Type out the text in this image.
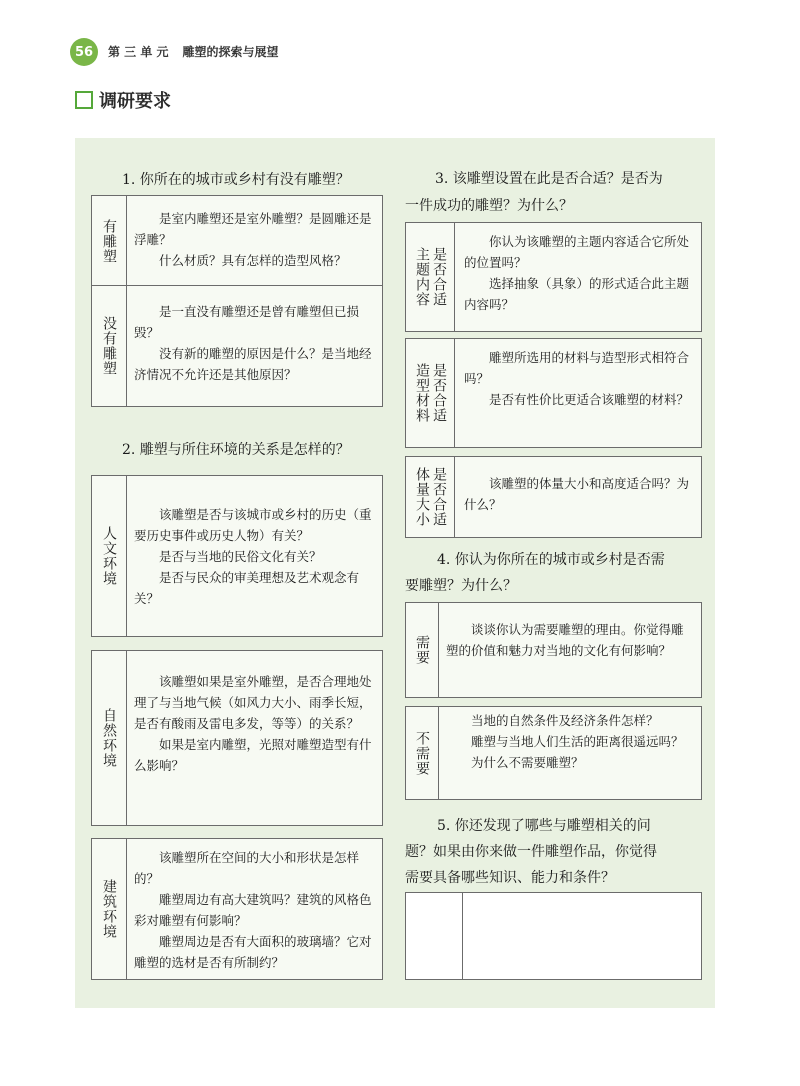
56 第 三 单 元 雕塑的探索与展望
调研要求
1. 你所在的城市或乡村有没有雕塑？
有雕塑	是室内雕塑还是室外雕塑？是圆雕还是浮雕？

什么材质？具有怎样的造型风格？

没有雕塑

是一直没有雕塑还是曾有雕塑但已损毁？

没有新的雕塑的原因是什么？是当地经济情况不允许还是其他原因？

2. 雕塑与所住环境的关系是怎样的？
人文环境

该雕塑是否与该城市或乡村的历史（重要历史事件或历史人物）有关？

是否与当地的民俗文化有关？

是否与民众的审美理想及艺术观念有关？

自然环境

该雕塑如果是室外雕塑，是否合理地处理了与当地气候（如风力大小、雨季长短，是否有酸雨及雷电多发，等等）的关系？

如果是室内雕塑，光照对雕塑造型有什么影响？

建筑环境

该雕塑所在空间的大小和形状是怎样的？

雕塑周边有高大建筑吗？建筑的风格色彩对雕塑有何影响？

雕塑周边是否有大面积的玻璃墙？它对雕塑的选材是否有所制约？

3. 该雕塑设置在此是否合适？是否为
一件成功的雕塑？为什么？
是否合适
主题内容

你认为该雕塑的主题内容适合它所处的位置吗？

选择抽象（具象）的形式适合此主题内容吗？

是否合适
造型材料

雕塑所选用的材料与造型形式相符合吗？

是否有性价比更适合该雕塑的材料？

是否合适
体量大小	该雕塑的体量大小和高度适合吗？为什么？

4. 你认为你所在的城市或乡村是否需
要雕塑？为什么？
需要

谈谈你认为需要雕塑的理由。你觉得雕塑的价值和魅力对当地的文化有何影响？

不需要

当地的自然条件及经济条件怎样？

雕塑与当地人们生活的距离很遥远吗？

为什么不需要雕塑？

5. 你还发现了哪些与雕塑相关的问
题？如果由你来做一件雕塑作品，你觉得
需要具备哪些知识、能力和条件？
